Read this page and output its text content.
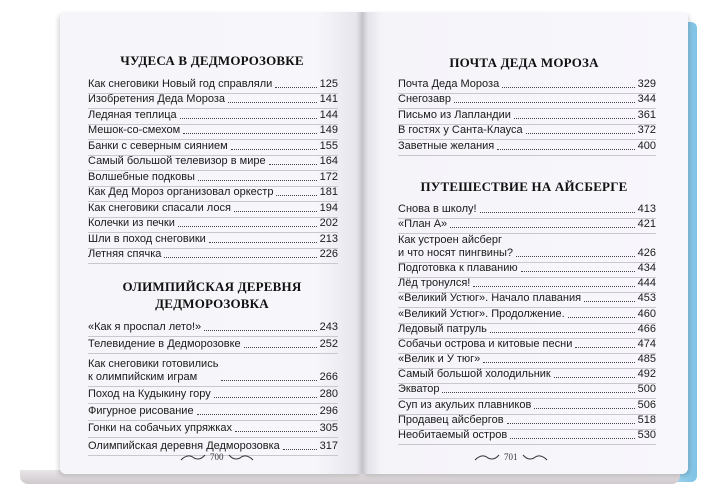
ЧУДЕСА В ДЕДМОРОЗОВКЕ
Как снеговики Новый год справляли	125
Изобретения Деда Мороза	141
Ледяная теплица	144
Мешок-со-смехом	149
Банки с северным сиянием	155
Самый большой телевизор в мире	164
Волшебные подковы	172
Как Дед Мороз организовал оркестр	181
Как снеговики спасали лося	194
Колечки из печки	202
Шли в поход снеговики	213
Летняя спячка	226
ОЛИМПИЙСКАЯ ДЕРЕВНЯ
ДЕДМОРОЗОВКА
«Как я проспал лето!»	243
Телевидение в Дедморозовке	252
Как снеговики готовились
к олимпийским играм	266
Поход на Кудыкину гору	280
Фигурное рисование	296
Гонки на собачьих упряжках	305
Олимпийская деревня Дедморозовка	317
700
ПОЧТА ДЕДА МОРОЗА
Почта Деда Мороза	329
Снегозавр	344
Письмо из Лапландии	361
В гостях у Санта-Клауса	372
Заветные желания	400
ПУТЕШЕСТВИЕ НА АЙСБЕРГЕ
Снова в школу!	413
«План А»	421
Как устроен айсберг
и что носят пингвины?	426
Подготовка к плаванию	434
Лёд тронулся!	444
«Великий Устюг». Начало плавания	453
«Великий Устюг». Продолжение.	460
Ледовый патруль	466
Собачьи острова и китовые песни	474
«Велик и У тюг»	485
Самый большой холодильник	492
Экватор	500
Суп из акульих плавников	506
Продавец айсбергов	518
Необитаемый остров	530
701
